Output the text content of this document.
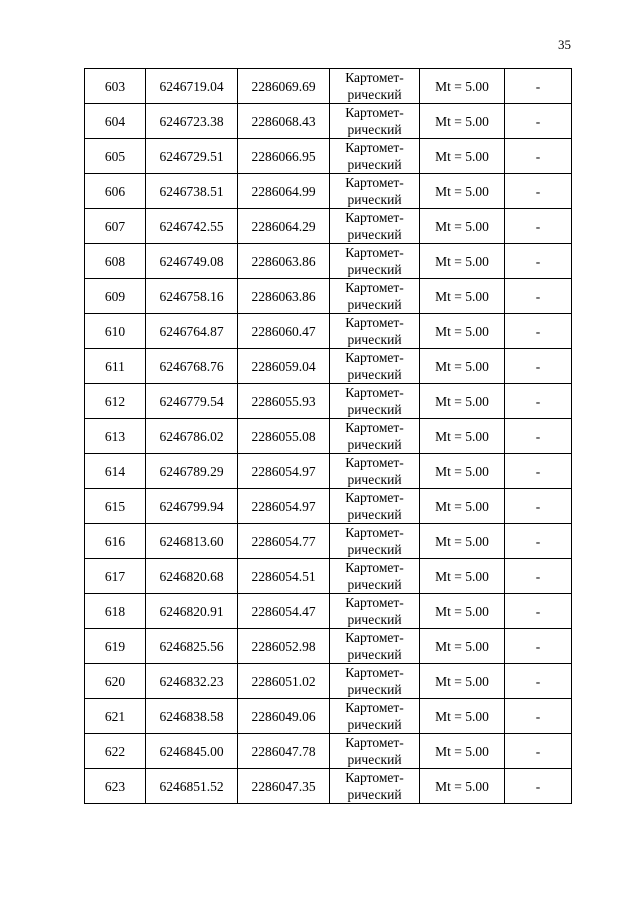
35
603	6246719.04	2286069.69	Картомет-
рический	Mt = 5.00	-
604	6246723.38	2286068.43	Картомет-
рический	Mt = 5.00	-
605	6246729.51	2286066.95	Картомет-
рический	Mt = 5.00	-
606	6246738.51	2286064.99	Картомет-
рический	Mt = 5.00	-
607	6246742.55	2286064.29	Картомет-
рический	Mt = 5.00	-
608	6246749.08	2286063.86	Картомет-
рический	Mt = 5.00	-
609	6246758.16	2286063.86	Картомет-
рический	Mt = 5.00	-
610	6246764.87	2286060.47	Картомет-
рический	Mt = 5.00	-
611	6246768.76	2286059.04	Картомет-
рический	Mt = 5.00	-
612	6246779.54	2286055.93	Картомет-
рический	Mt = 5.00	-
613	6246786.02	2286055.08	Картомет-
рический	Mt = 5.00	-
614	6246789.29	2286054.97	Картомет-
рический	Mt = 5.00	-
615	6246799.94	2286054.97	Картомет-
рический	Mt = 5.00	-
616	6246813.60	2286054.77	Картомет-
рический	Mt = 5.00	-
617	6246820.68	2286054.51	Картомет-
рический	Mt = 5.00	-
618	6246820.91	2286054.47	Картомет-
рический	Mt = 5.00	-
619	6246825.56	2286052.98	Картомет-
рический	Mt = 5.00	-
620	6246832.23	2286051.02	Картомет-
рический	Mt = 5.00	-
621	6246838.58	2286049.06	Картомет-
рический	Mt = 5.00	-
622	6246845.00	2286047.78	Картомет-
рический	Mt = 5.00	-
623	6246851.52	2286047.35	Картомет-
рический	Mt = 5.00	-
